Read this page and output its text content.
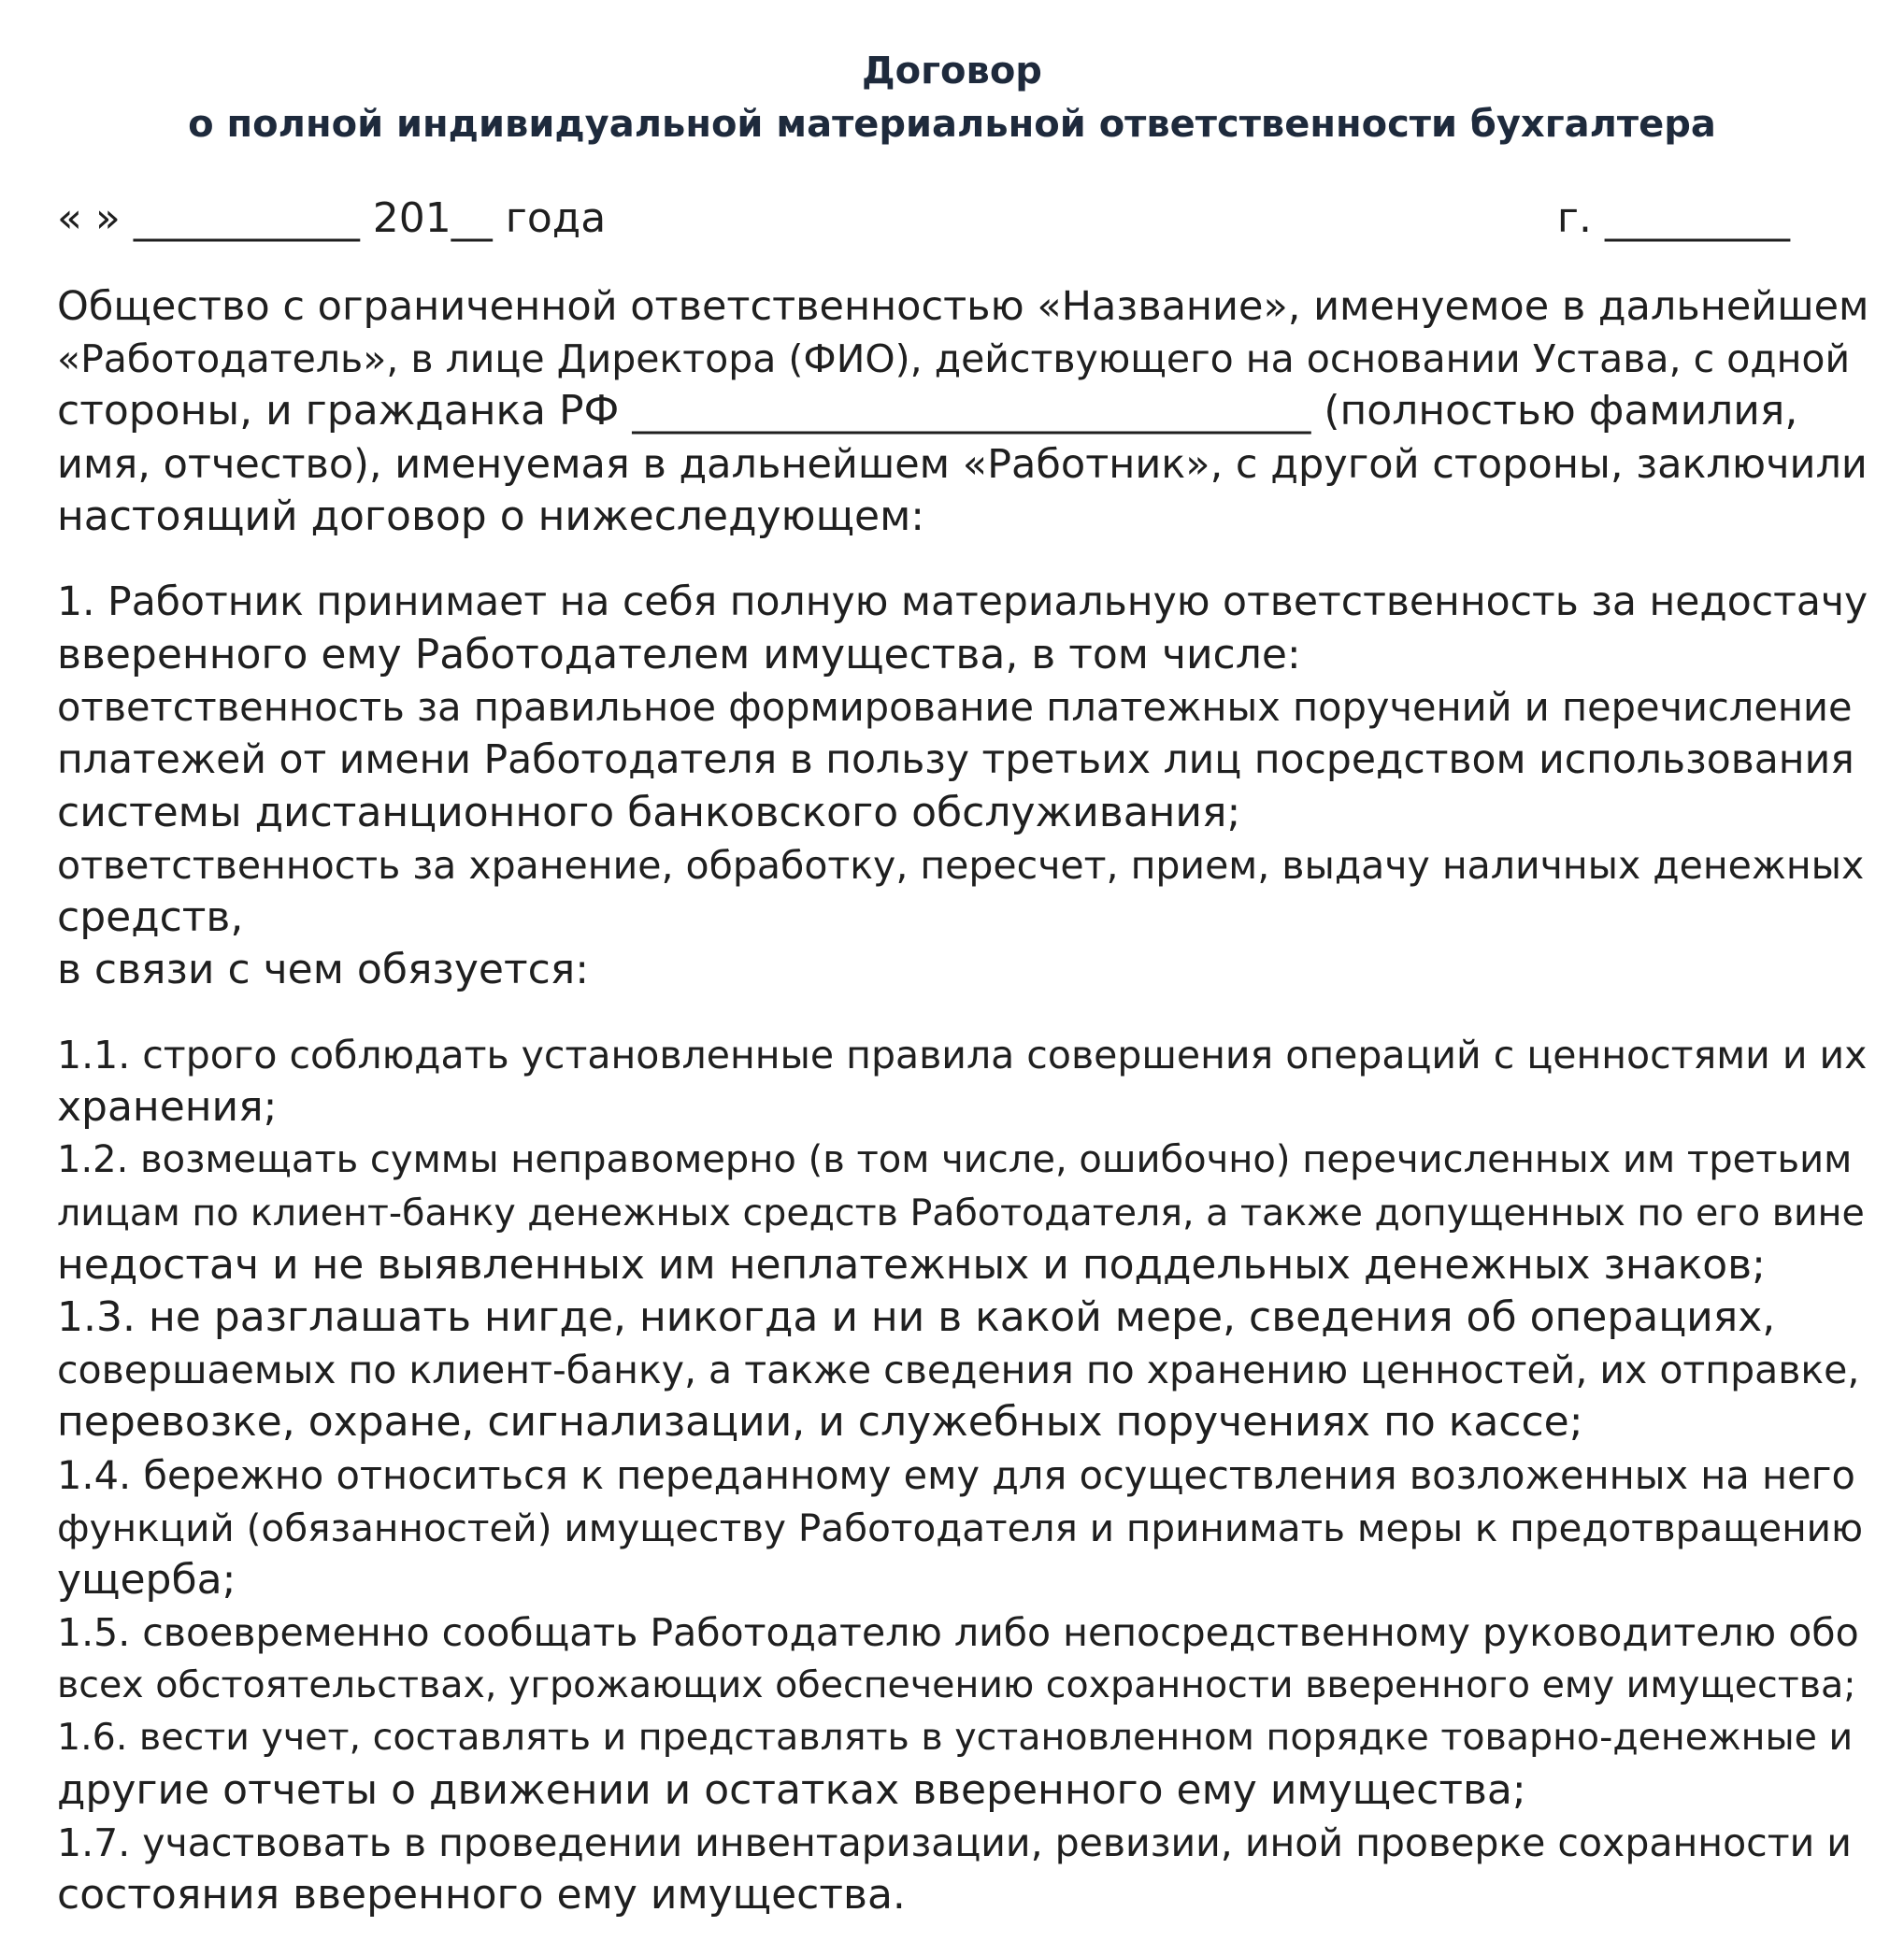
Договор
о полной индивидуальной материальной ответственности бухгалтера
« » ___________ 201__ года	г. _________
Общество с ограниченной ответственностью «Название», именуемое в дальнейшем
«Работодатель», в лице Директора (ФИО), действующего на основании Устава, с одной
стороны, и гражданка РФ _________________________________ (полностью фамилия,
имя, отчество), именуемая в дальнейшем «Работник», с другой стороны, заключили
настоящий договор о нижеследующем:
1. Работник принимает на себя полную материальную ответственность за недостачу
вверенного ему Работодателем имущества, в том числе:
ответственность за правильное формирование платежных поручений и перечисление
платежей от имени Работодателя в пользу третьих лиц посредством использования
системы дистанционного банковского обслуживания;
ответственность за хранение, обработку, пересчет, прием, выдачу наличных денежных
средств,
в связи с чем обязуется:
1.1. строго соблюдать установленные правила совершения операций с ценностями и их
хранения;
1.2. возмещать суммы неправомерно (в том числе, ошибочно) перечисленных им третьим
лицам по клиент-банку денежных средств Работодателя, а также допущенных по его вине
недостач и не выявленных им неплатежных и поддельных денежных знаков;
1.3. не разглашать нигде, никогда и ни в какой мере, сведения об операциях,
совершаемых по клиент-банку, а также сведения по хранению ценностей, их отправке,
перевозке, охране, сигнализации, и служебных поручениях по кассе;
1.4. бережно относиться к переданному ему для осуществления возложенных на него
функций (обязанностей) имуществу Работодателя и принимать меры к предотвращению
ущерба;
1.5. своевременно сообщать Работодателю либо непосредственному руководителю обо
всех обстоятельствах, угрожающих обеспечению сохранности вверенного ему имущества;
1.6. вести учет, составлять и представлять в установленном порядке товарно-денежные и
другие отчеты о движении и остатках вверенного ему имущества;
1.7. участвовать в проведении инвентаризации, ревизии, иной проверке сохранности и
состояния вверенного ему имущества.
